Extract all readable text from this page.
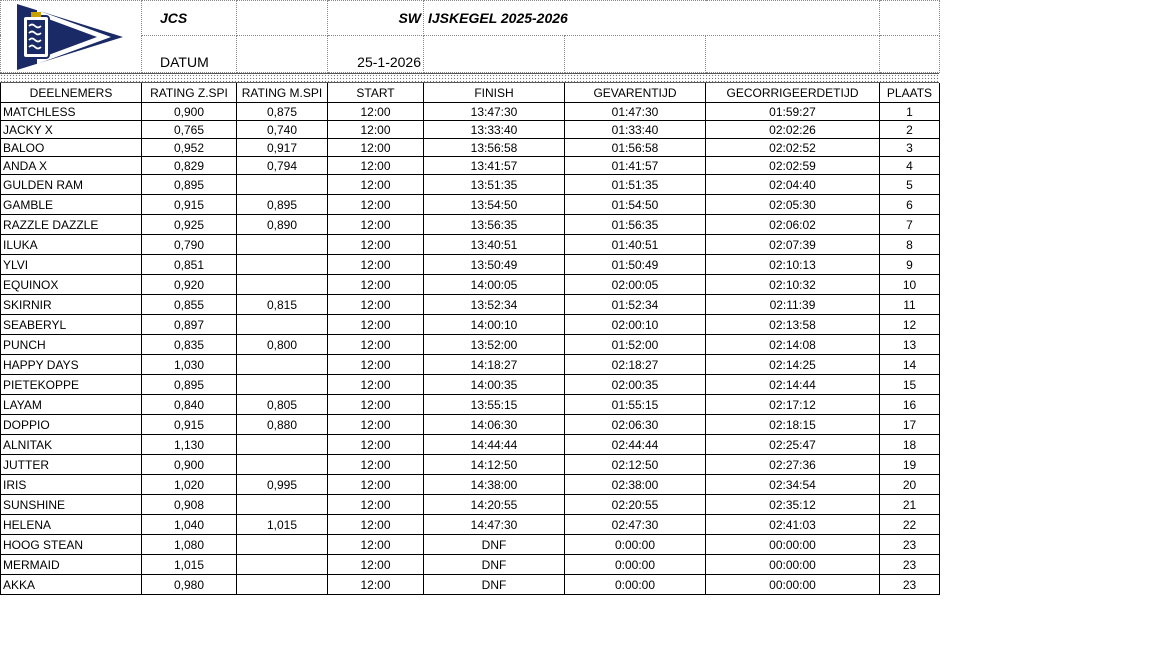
	JCS		SW	IJSKEGEL 2025-2026			
	DATUM		25-1-2026				
DEELNEMERS	RATING Z.SPI	RATING M.SPI	START	FINISH	GEVARENTIJD	GECORRIGEERDETIJD	PLAATS
MATCHLESS	0,900	0,875	12:00	13:47:30	01:47:30	01:59:27	1
JACKY X	0,765	0,740	12:00	13:33:40	01:33:40	02:02:26	2
BALOO	0,952	0,917	12:00	13:56:58	01:56:58	02:02:52	3
ANDA X	0,829	0,794	12:00	13:41:57	01:41:57	02:02:59	4
GULDEN RAM	0,895		12:00	13:51:35	01:51:35	02:04:40	5
GAMBLE	0,915	0,895	12:00	13:54:50	01:54:50	02:05:30	6
RAZZLE DAZZLE	0,925	0,890	12:00	13:56:35	01:56:35	02:06:02	7
ILUKA	0,790		12:00	13:40:51	01:40:51	02:07:39	8
YLVI	0,851		12:00	13:50:49	01:50:49	02:10:13	9
EQUINOX	0,920		12:00	14:00:05	02:00:05	02:10:32	10
SKIRNIR	0,855	0,815	12:00	13:52:34	01:52:34	02:11:39	11
SEABERYL	0,897		12:00	14:00:10	02:00:10	02:13:58	12
PUNCH	0,835	0,800	12:00	13:52:00	01:52:00	02:14:08	13
HAPPY DAYS	1,030		12:00	14:18:27	02:18:27	02:14:25	14
PIETEKOPPE	0,895		12:00	14:00:35	02:00:35	02:14:44	15
LAYAM	0,840	0,805	12:00	13:55:15	01:55:15	02:17:12	16
DOPPIO	0,915	0,880	12:00	14:06:30	02:06:30	02:18:15	17
ALNITAK	1,130		12:00	14:44:44	02:44:44	02:25:47	18
JUTTER	0,900		12:00	14:12:50	02:12:50	02:27:36	19
IRIS	1,020	0,995	12:00	14:38:00	02:38:00	02:34:54	20
SUNSHINE	0,908		12:00	14:20:55	02:20:55	02:35:12	21
HELENA	1,040	1,015	12:00	14:47:30	02:47:30	02:41:03	22
HOOG STEAN	1,080		12:00	DNF	0:00:00	00:00:00	23
MERMAID	1,015		12:00	DNF	0:00:00	00:00:00	23
AKKA	0,980		12:00	DNF	0:00:00	00:00:00	23
